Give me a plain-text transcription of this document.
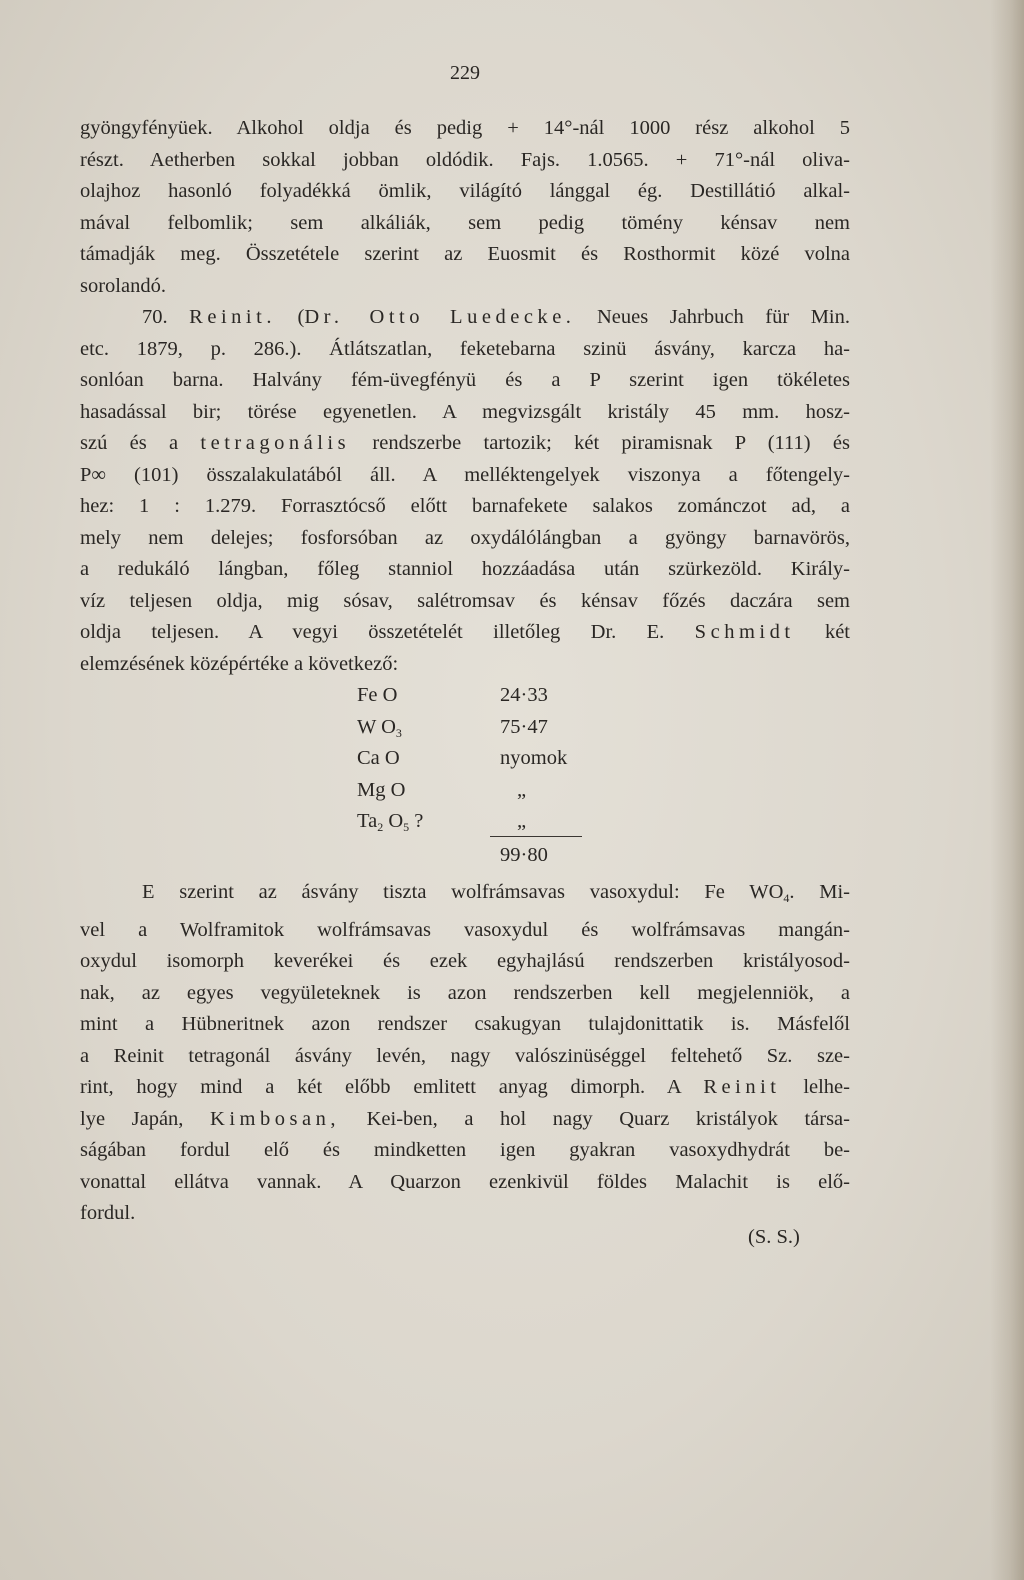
229
gyöngyfényüek. Alkohol oldja és pedig + 14°-nál 1000 rész alkohol 5
részt. Aetherben sokkal jobban oldódik. Fajs. 1.0565. + 71°-nál oliva-
olajhoz hasonló folyadékká ömlik, világító lánggal ég. Destillátió alkal-
mával felbomlik; sem alkáliák, sem pedig tömény kénsav nem
támadják meg. Összetétele szerint az Euosmit és Rosthormit közé volna
sorolandó.
70. Reinit. (Dr. Otto Luedecke. Neues Jahrbuch für Min.
etc. 1879, p. 286.). Átlátszatlan, feketebarna szinü ásvány, karcza ha-
sonlóan barna. Halvány fém-üvegfényü és a P szerint igen tökéletes
hasadással bir; törése egyenetlen. A megvizsgált kristály 45 mm. hosz-
szú és a tetragonális rendszerbe tartozik; két piramisnak P (111) és
P∞ (101) összalakulatából áll. A melléktengelyek viszonya a főtengely-
hez: 1 : 1.279. Forrasztócső előtt barnafekete salakos zománczot ad, a
mely nem delejes; fosforsóban az oxydálólángban a gyöngy barnavörös,
a redukáló lángban, főleg stanniol hozzáadása után szürkezöld. Király-
víz teljesen oldja, mig sósav, salétromsav és kénsav főzés daczára sem
oldja teljesen. A vegyi összetételét illetőleg Dr. E. Schmidt két
elemzésének középértéke a következő:
Fe O	24·33
W $O_3$	75·47
Ca O	nyomok
Mg O	„
$Ta_2$ $O_5$ ?	„
99·80
E szerint az ásvány tiszta wolfrámsavas vasoxydul: Fe $WO_4$. Mi-
vel a Wolframitok wolfrámsavas vasoxydul és wolfrámsavas mangán-
oxydul isomorph keverékei és ezek egyhajlású rendszerben kristályosod-
nak, az egyes vegyületeknek is azon rendszerben kell megjelenniök, a
mint a Hübneritnek azon rendszer csakugyan tulajdonittatik is. Másfelől
a Reinit tetragonál ásvány levén, nagy valószinüséggel feltehető Sz. sze-
rint, hogy mind a két előbb emlitett anyag dimorph. A Reinit lelhe-
lye Japán, Kimbosan, Kei-ben, a hol nagy Quarz kristályok társa-
ságában fordul elő és mindketten igen gyakran vasoxydhydrát be-
vonattal ellátva vannak. A Quarzon ezenkivül földes Malachit is elő-
fordul.
(S. S.)
